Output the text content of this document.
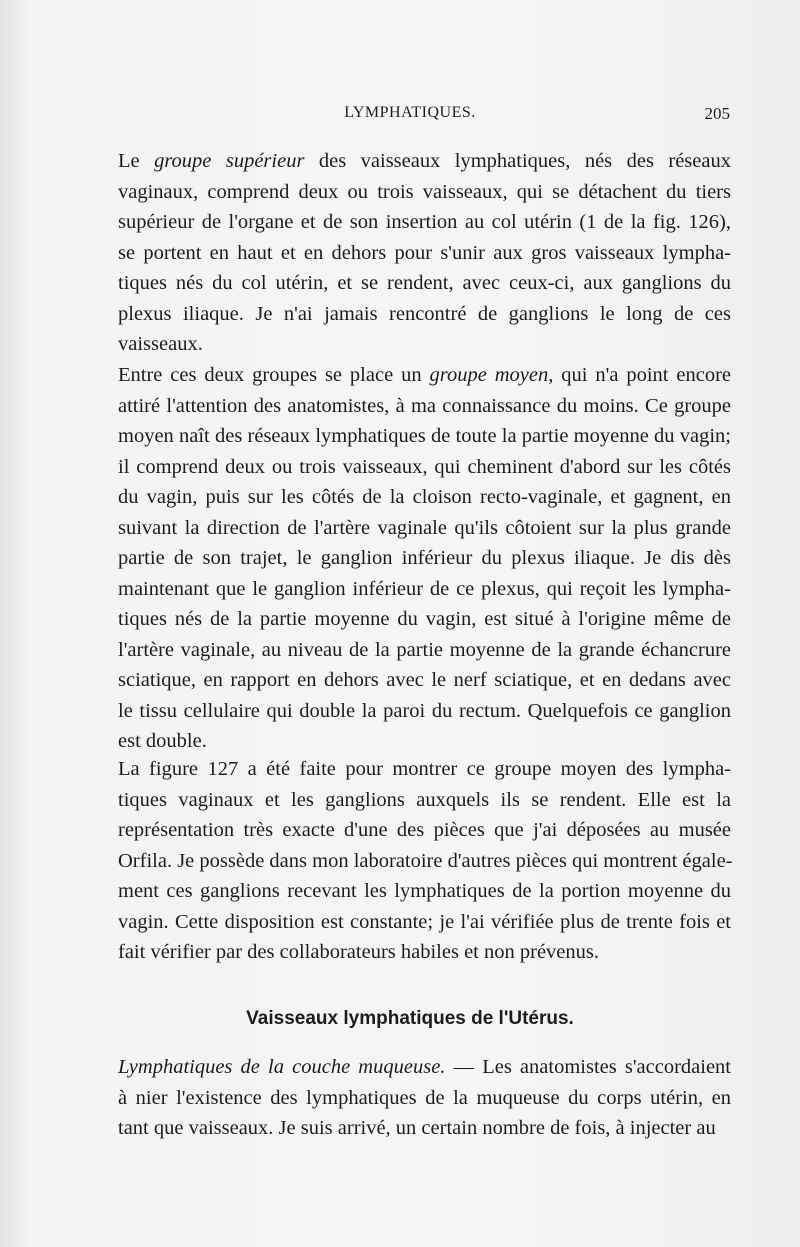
LYMPHATIQUES.	205

Le groupe supérieur des vaisseaux lymphatiques, nés des réseaux
vaginaux, comprend deux ou trois vaisseaux, qui se détachent du tiers
supérieur de l'organe et de son insertion au col utérin (1 de la fig. 126),
se portent en haut et en dehors pour s'unir aux gros vaisseaux lympha-
tiques nés du col utérin, et se rendent, avec ceux-ci, aux ganglions du
plexus iliaque. Je n'ai jamais rencontré de ganglions le long de ces
vaisseaux.

Entre ces deux groupes se place un groupe moyen, qui n'a point encore
attiré l'attention des anatomistes, à ma connaissance du moins. Ce groupe
moyen naît des réseaux lymphatiques de toute la partie moyenne du vagin;
il comprend deux ou trois vaisseaux, qui cheminent d'abord sur les côtés
du vagin, puis sur les côtés de la cloison recto-vaginale, et gagnent, en
suivant la direction de l'artère vaginale qu'ils côtoient sur la plus grande
partie de son trajet, le ganglion inférieur du plexus iliaque. Je dis dès
maintenant que le ganglion inférieur de ce plexus, qui reçoit les lympha-
tiques nés de la partie moyenne du vagin, est situé à l'origine même de
l'artère vaginale, au niveau de la partie moyenne de la grande échancrure
sciatique, en rapport en dehors avec le nerf sciatique, et en dedans avec
le tissu cellulaire qui double la paroi du rectum. Quelquefois ce ganglion
est double.

La figure 127 a été faite pour montrer ce groupe moyen des lympha-
tiques vaginaux et les ganglions auxquels ils se rendent. Elle est la
représentation très exacte d'une des pièces que j'ai déposées au musée
Orfila. Je possède dans mon laboratoire d'autres pièces qui montrent égale-
ment ces ganglions recevant les lymphatiques de la portion moyenne du
vagin. Cette disposition est constante; je l'ai vérifiée plus de trente fois et
fait vérifier par des collaborateurs habiles et non prévenus.

Vaisseaux lymphatiques de l'Utérus.

Lymphatiques de la couche muqueuse. — Les anatomistes s'accordaient
à nier l'existence des lymphatiques de la muqueuse du corps utérin, en
tant que vaisseaux. Je suis arrivé, un certain nombre de fois, à injecter au
